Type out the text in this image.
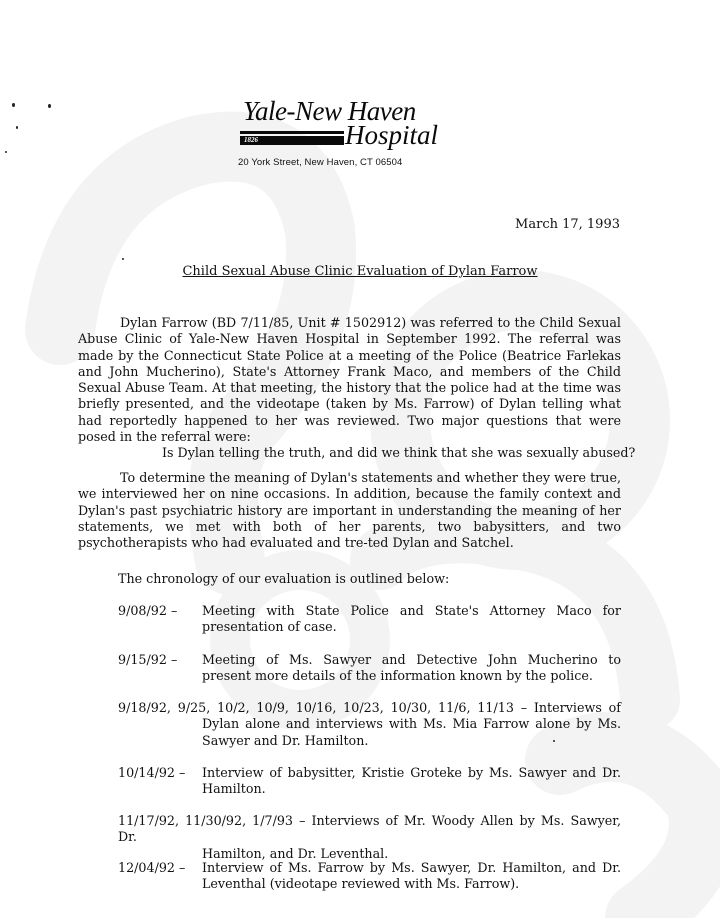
Yale-New Haven
1826	Hospital
20 York Street, New Haven, CT 06504
March 17, 1993
Child Sexual Abuse Clinic Evaluation of Dylan Farrow
Dylan Farrow (BD 7/11/85, Unit # 1502912) was referred to the Child Sexual Abuse Clinic of Yale-New Haven Hospital in September 1992. The referral was made by the Connecticut State Police at a meeting of the Police (Beatrice Farlekas and John Mucherino), State's Attorney Frank Maco, and members of the Child Sexual Abuse Team. At that meeting, the history that the police had at the time was briefly presented, and the videotape (taken by Ms. Farrow) of Dylan telling what had reportedly happened to her was reviewed. Two major questions that were posed in the referral were:
Is Dylan telling the truth, and did we think that she was sexually abused?
To determine the meaning of Dylan's statements and whether they were true, we interviewed her on nine occasions. In addition, because the family context and Dylan's past psychiatric history are important in understanding the meaning of her statements, we met with both of her parents, two babysitters, and two psychotherapists who had evaluated and tre-ted Dylan and Satchel.
The chronology of our evaluation is outlined below:
9/08/92 – Meeting with State Police and State's Attorney Maco for presentation of case.
9/15/92 – Meeting of Ms. Sawyer and Detective John Mucherino to present more details of the information known by the police.
9/18/92, 9/25, 10/2, 10/9, 10/16, 10/23, 10/30, 11/6, 11/13 – Interviews of
Dylan alone and interviews with Ms. Mia Farrow alone by Ms. Sawyer and Dr. Hamilton.
10/14/92 – Interview of babysitter, Kristie Groteke by Ms. Sawyer and Dr. Hamilton.
11/17/92, 11/30/92, 1/7/93 – Interviews of Mr. Woody Allen by Ms. Sawyer, Dr.
Hamilton, and Dr. Leventhal.
12/04/92 – Interview of Ms. Farrow by Ms. Sawyer, Dr. Hamilton, and Dr. Leventhal (videotape reviewed with Ms. Farrow).
